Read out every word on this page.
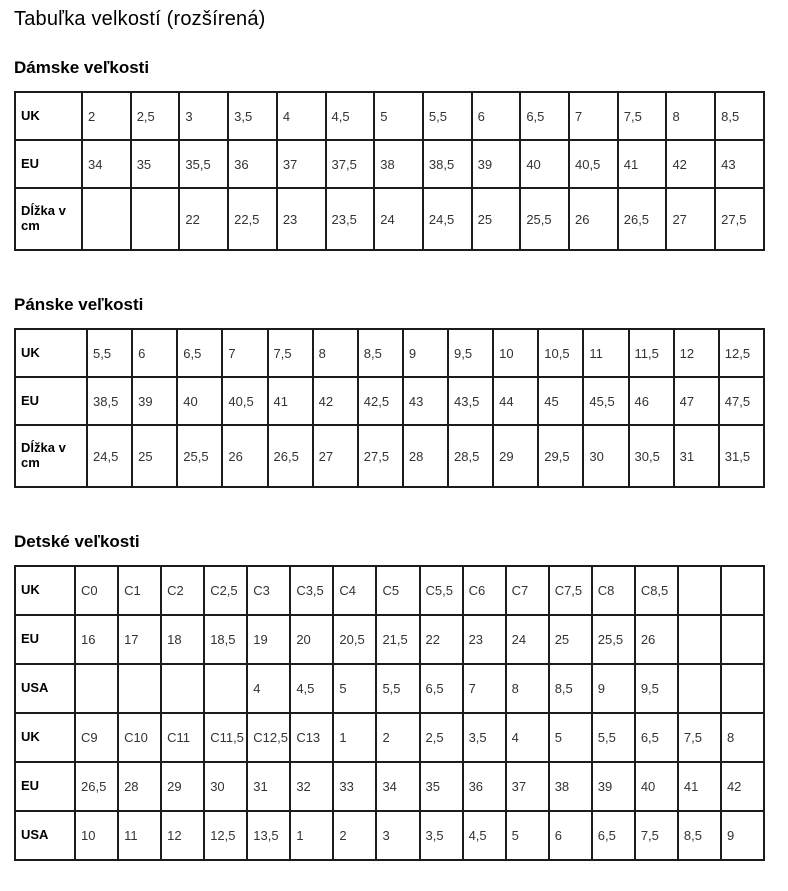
Tabuľka velkostí (rozšírená)
Dámske veľkosti
UK	2	2,5	3	3,5	4	4,5	5	5,5	6	6,5	7	7,5	8	8,5
EU	34	35	35,5	36	37	37,5	38	38,5	39	40	40,5	41	42	43
Dĺžka v cm			22	22,5	23	23,5	24	24,5	25	25,5	26	26,5	27	27,5
Pánske veľkosti
UK	5,5	6	6,5	7	7,5	8	8,5	9	9,5	10	10,5	11	11,5	12	12,5
EU	38,5	39	40	40,5	41	42	42,5	43	43,5	44	45	45,5	46	47	47,5
Dĺžka v cm	24,5	25	25,5	26	26,5	27	27,5	28	28,5	29	29,5	30	30,5	31	31,5
Detské veľkosti
UK	C0	C1	C2	C2,5	C3	C3,5	C4	C5	C5,5	C6	C7	C7,5	C8	C8,5		
EU	16	17	18	18,5	19	20	20,5	21,5	22	23	24	25	25,5	26		
USA					4	4,5	5	5,5	6,5	7	8	8,5	9	9,5		
UK	C9	C10	C11	C11,5	C12,5	C13	1	2	2,5	3,5	4	5	5,5	6,5	7,5	8
EU	26,5	28	29	30	31	32	33	34	35	36	37	38	39	40	41	42
USA	10	11	12	12,5	13,5	1	2	3	3,5	4,5	5	6	6,5	7,5	8,5	9
